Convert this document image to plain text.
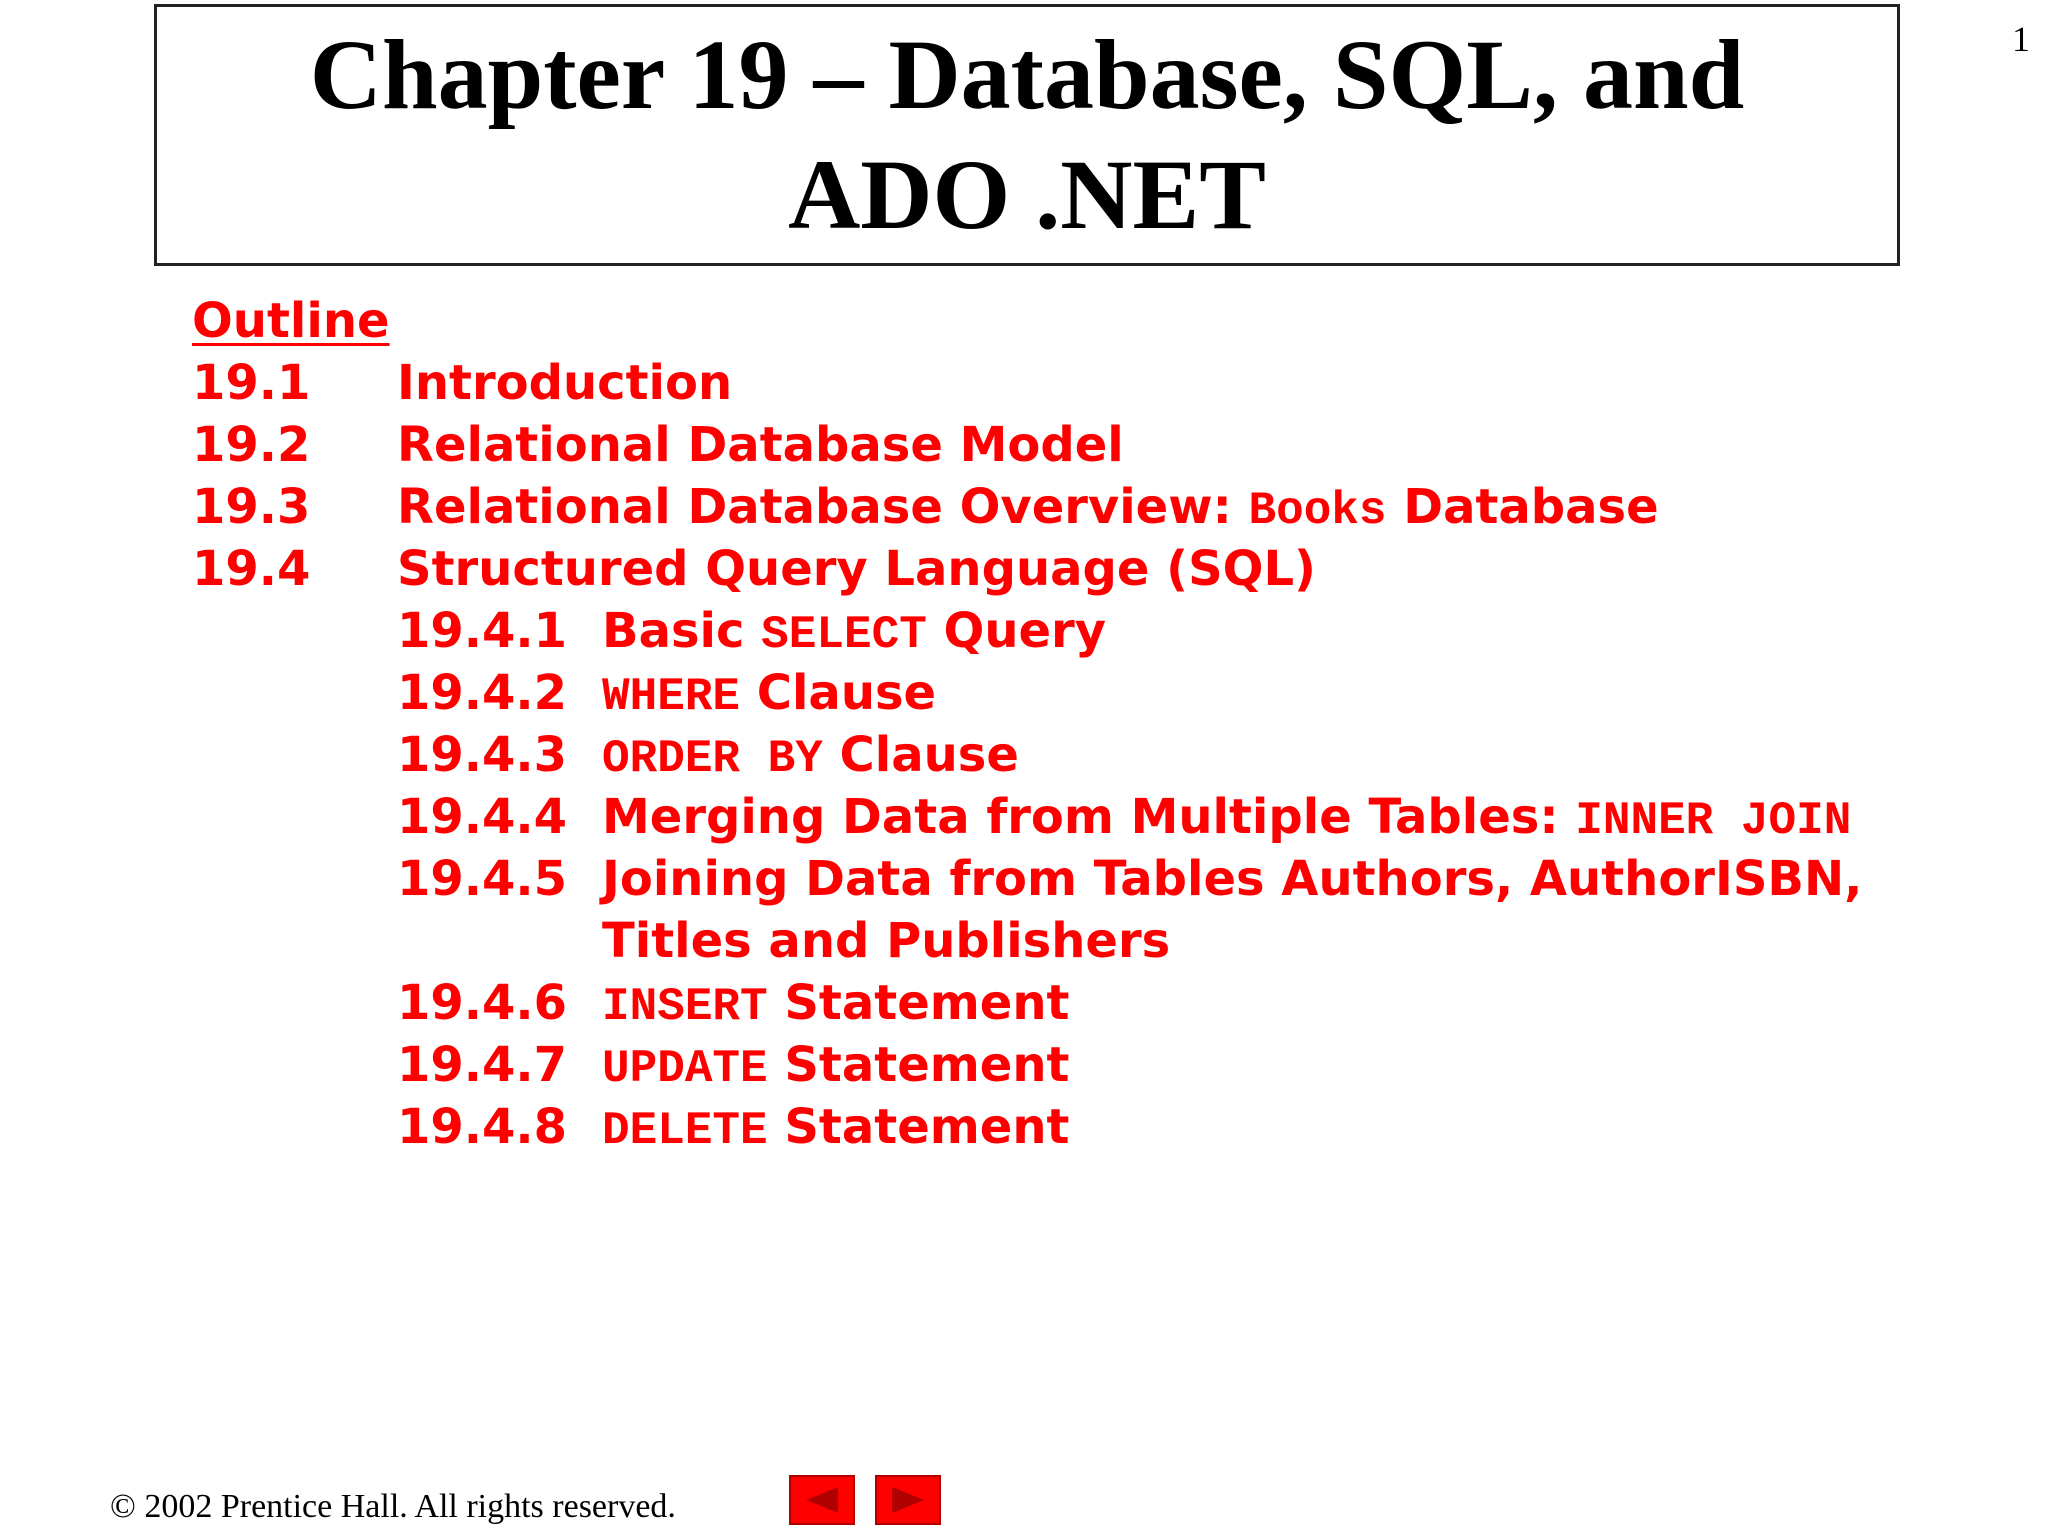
1
Chapter 19 – Database, SQL, and ADO .NET
Outline
19.1 Introduction
19.2 Relational Database Model
19.3 Relational Database Overview: Books Database
19.4 Structured Query Language (SQL)
19.4.1 Basic SELECT Query
19.4.2 WHERE Clause
19.4.3 ORDER BY Clause
19.4.4 Merging Data from Multiple Tables: INNER JOIN
19.4.5 Joining Data from Tables Authors, AuthorISBN,
Titles and Publishers
19.4.6 INSERT Statement
19.4.7 UPDATE Statement
19.4.8 DELETE Statement
© 2002 Prentice Hall. All rights reserved.
